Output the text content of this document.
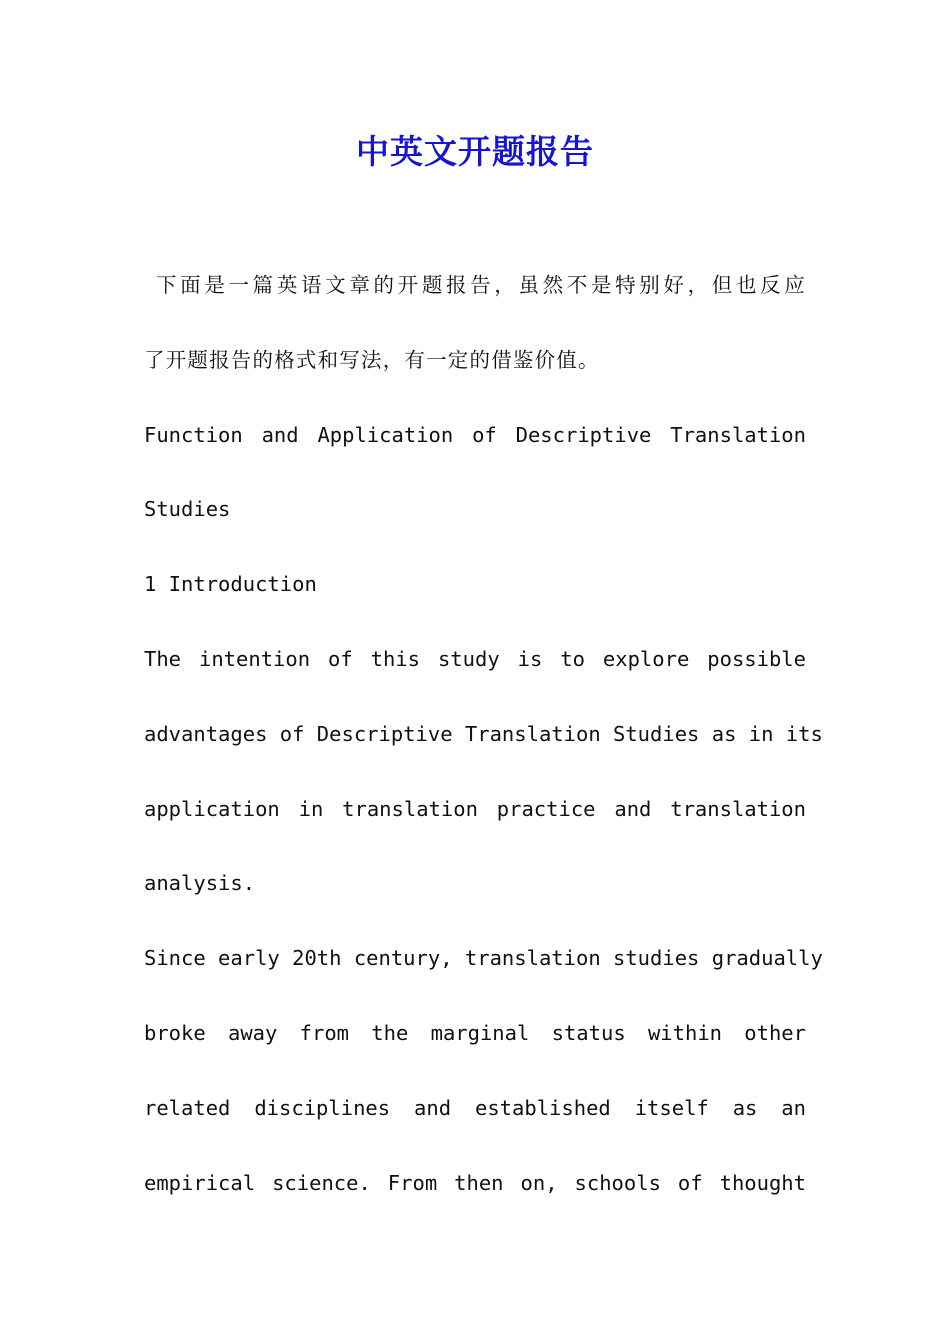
中英文开题报告
下面是一篇英语文章的开题报告，虽然不是特别好，但也反应
了开题报告的格式和写法，有一定的借鉴价值。
Function and Application of Descriptive Translation
Studies
1 Introduction
The intention of this study is to explore possible
advantages of Descriptive Translation Studies as in its
application in translation practice and translation
analysis.
Since early 20th century, translation studies gradually
broke away from the marginal status within other
related disciplines and established itself as an
empirical science. From then on, schools of thought
